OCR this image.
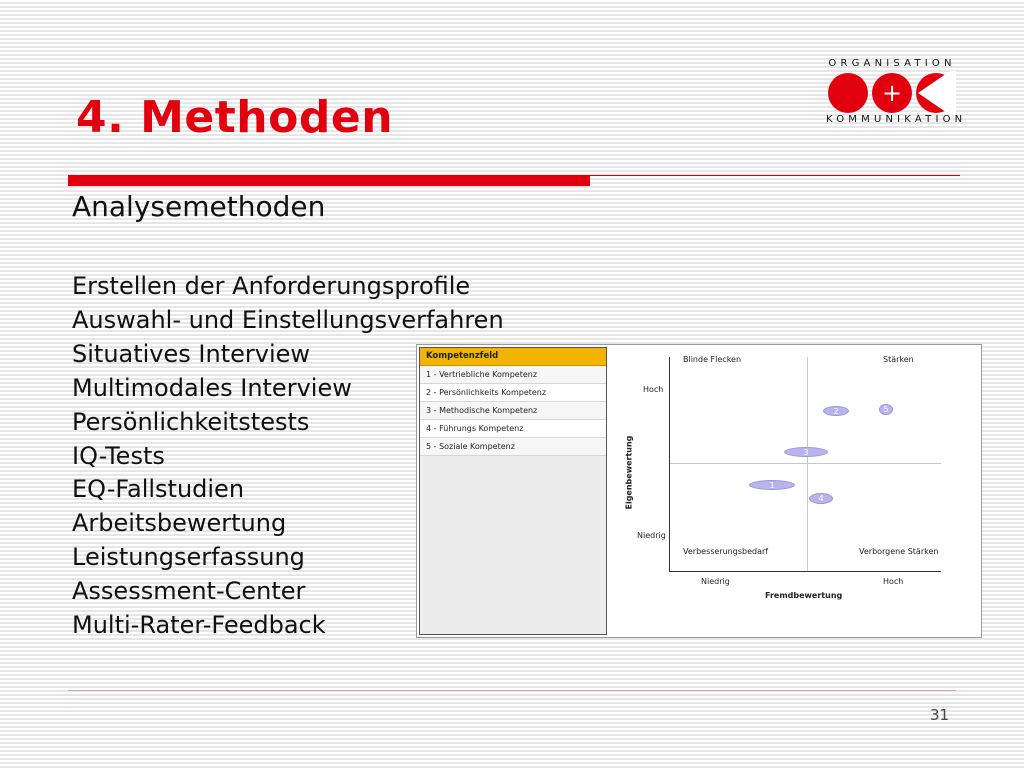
4. Methoden
ORGANISATION
+
KOMMUNIKATION
Analysemethoden
Erstellen der Anforderungsprofile
Auswahl- und Einstellungsverfahren
Situatives Interview
Multimodales Interview
Persönlichkeitstests
IQ-Tests
EQ-Fallstudien
Arbeitsbewertung
Leistungserfassung
Assessment-Center
Multi-Rater-Feedback
Kompetenzfeld
1 - Vertriebliche Kompetenz
2 - Persönlichkeits Kompetenz
3 - Methodische Kompetenz
4 - Führungs Kompetenz
5 - Soziale Kompetenz
Blinde Flecken	Stärken
Verbesserungsbedarf	Verborgene Stärken
Hoch
Niedrig
Eigenbewertung
Niedrig	Hoch
Fremdbewertung
1
2
3
4
5
31
